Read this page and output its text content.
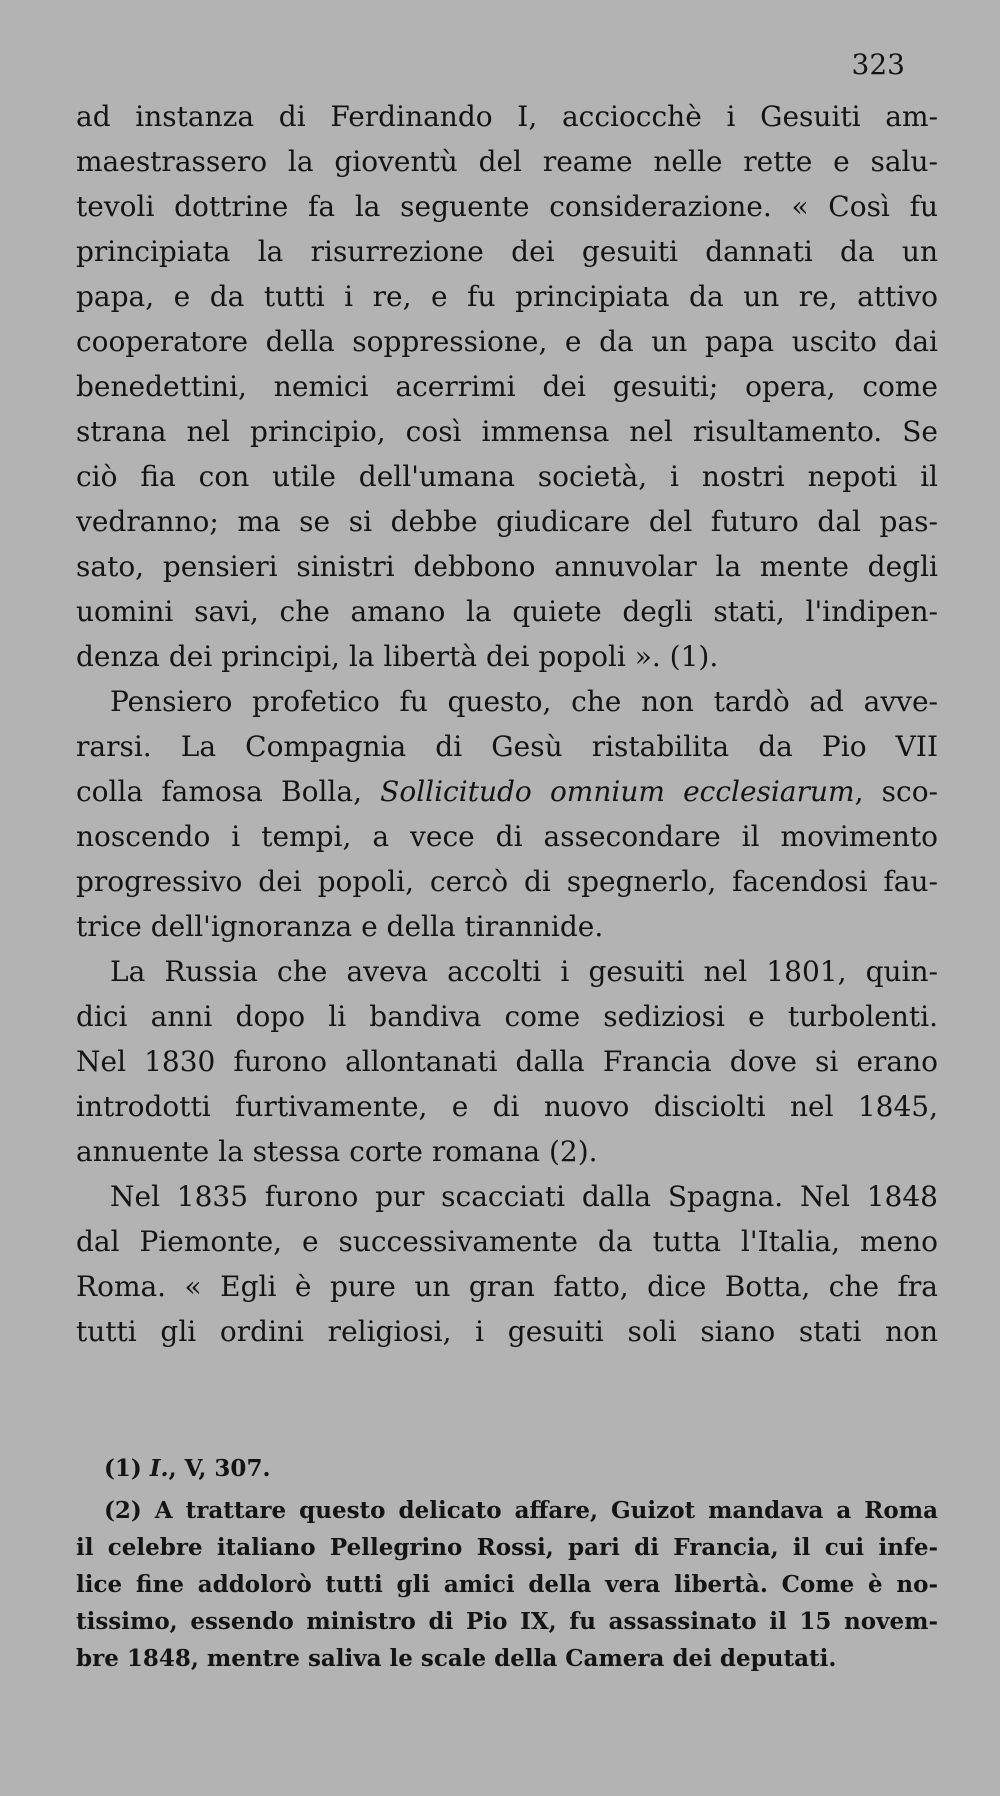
323
ad instanza di Ferdinando I, acciocchè i Gesuiti am-
maestrassero la gioventù del reame nelle rette e salu-
tevoli dottrine fa la seguente considerazione. « Così fu
principiata la risurrezione dei gesuiti dannati da un
papa, e da tutti i re, e fu principiata da un re, attivo
cooperatore della soppressione, e da un papa uscito dai
benedettini, nemici acerrimi dei gesuiti; opera, come
strana nel principio, così immensa nel risultamento. Se
ciò fia con utile dell'umana società, i nostri nepoti il
vedranno; ma se si debbe giudicare del futuro dal pas-
sato, pensieri sinistri debbono annuvolar la mente degli
uomini savi, che amano la quiete degli stati, l'indipen-
denza dei principi, la libertà dei popoli ». (1).
Pensiero profetico fu questo, che non tardò ad avve-
rarsi. La Compagnia di Gesù ristabilita da Pio VII
colla famosa Bolla, Sollicitudo omnium ecclesiarum, sco-
noscendo i tempi, a vece di assecondare il movimento
progressivo dei popoli, cercò di spegnerlo, facendosi fau-
trice dell'ignoranza e della tirannide.
La Russia che aveva accolti i gesuiti nel 1801, quin-
dici anni dopo li bandiva come sediziosi e turbolenti.
Nel 1830 furono allontanati dalla Francia dove si erano
introdotti furtivamente, e di nuovo disciolti nel 1845,
annuente la stessa corte romana (2).
Nel 1835 furono pur scacciati dalla Spagna. Nel 1848
dal Piemonte, e successivamente da tutta l'Italia, meno
Roma. « Egli è pure un gran fatto, dice Botta, che fra
tutti gli ordini religiosi, i gesuiti soli siano stati non
(1) I., V, 307.
(2) A trattare questo delicato affare, Guizot mandava a Roma
il celebre italiano Pellegrino Rossi, pari di Francia, il cui infe-
lice fine addolorò tutti gli amici della vera libertà. Come è no-
tissimo, essendo ministro di Pio IX, fu assassinato il 15 novem-
bre 1848, mentre saliva le scale della Camera dei deputati.
